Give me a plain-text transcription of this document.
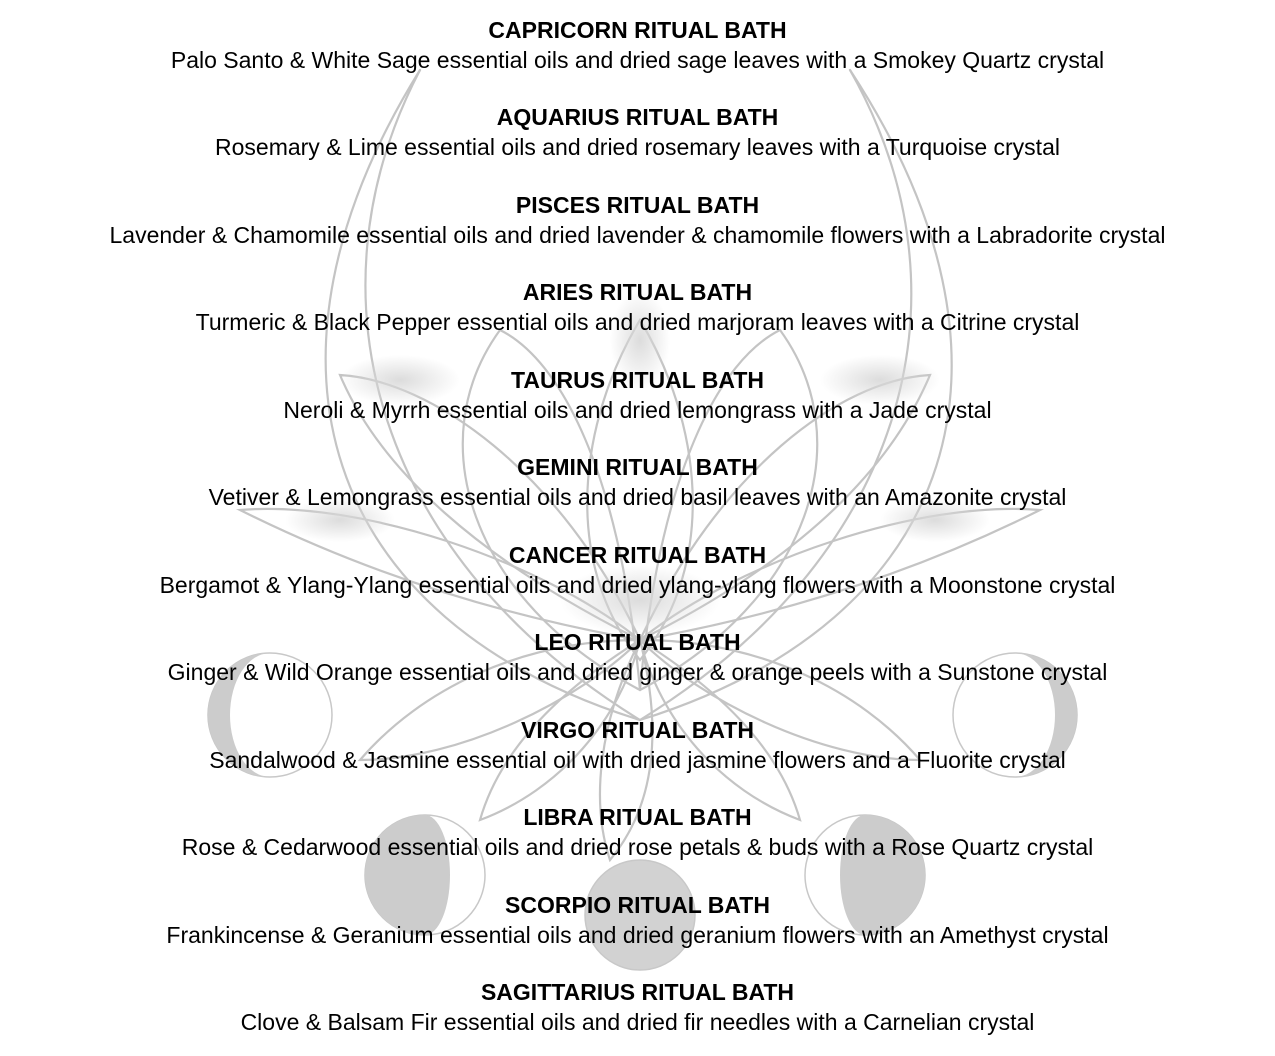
CAPRICORN RITUAL BATH
Palo Santo & White Sage essential oils and dried sage leaves with a Smokey Quartz crystal
AQUARIUS RITUAL BATH
Rosemary & Lime essential oils and dried rosemary leaves with a Turquoise crystal
PISCES RITUAL BATH
Lavender & Chamomile essential oils and dried lavender & chamomile flowers with a Labradorite crystal
ARIES RITUAL BATH
Turmeric & Black Pepper essential oils and dried marjoram leaves with a Citrine crystal
TAURUS RITUAL BATH
Neroli & Myrrh essential oils and dried lemongrass with a Jade crystal
GEMINI RITUAL BATH
Vetiver & Lemongrass essential oils and dried basil leaves with an Amazonite crystal
CANCER RITUAL BATH
Bergamot & Ylang-Ylang essential oils and dried ylang-ylang flowers with a Moonstone crystal
LEO RITUAL BATH
Ginger & Wild Orange essential oils and dried ginger & orange peels with a Sunstone crystal
VIRGO RITUAL BATH
Sandalwood & Jasmine essential oil with dried jasmine flowers and a Fluorite crystal
LIBRA RITUAL BATH
Rose & Cedarwood essential oils and dried rose petals & buds with a Rose Quartz crystal
SCORPIO RITUAL BATH
Frankincense & Geranium essential oils and dried geranium flowers with an Amethyst crystal
SAGITTARIUS RITUAL BATH
Clove & Balsam Fir essential oils and dried fir needles with a Carnelian crystal
